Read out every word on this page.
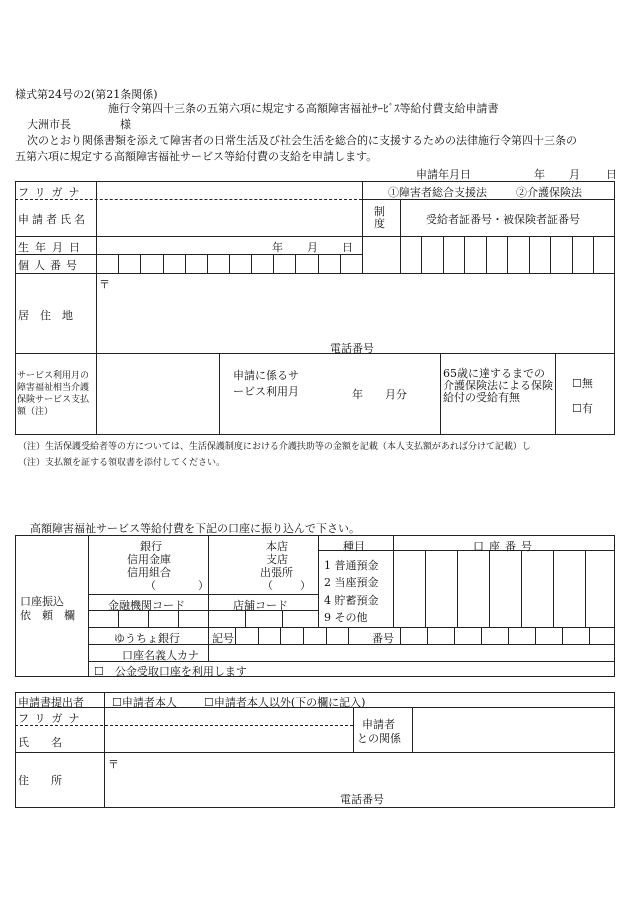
様式第24号の2(第21条関係)
施行令第四十三条の五第六項に規定する高額障害福祉ｻｰﾋﾞｽ等給付費支給申請書
大洲市長	様
次のとおり関係書類を添えて障害者の日常生活及び社会生活を総合的に支援するための法律施行令第四十三条の
五第六項に規定する高額障害福祉サービス等給付費の支給を申請します。
申請年月日	年 月 日
フリガナ	①障害者総合支援法	②介護保険法
申請者氏名
制度	受給者証番号・被保険者証番号
生年月日	年 月 日
個人番号
〒
居　住　地
電話番号
サービス利用月の障害福祉相当介護保険サービス支払額（注）
申請に係るサービス利用月	年　　月分
65歳に達するまでの介護保険法による保険給付の受給有無
☐無
☐有
（注）生活保護受給者等の方については、生活保護制度における介護扶助等の金額を記載（本人支払額があれば分けて記載）し
（注）支払額を証する領収書を添付してください。
高額障害福祉サービス等給付費を下記の口座に振り込んで下さい。
口座振込
依　頼　欄
銀行
信用金庫
信用組合
（	）
本店
支店
出張所
（ ）
種目
1 普通預金
2 当座預金
4 貯蓄預金
9 その他
口座番号
金融機関コード	店舗コード
ゆうちょ銀行	記号	番号
口座名義人カナ
☐　公金受取口座を利用します
申請書提出者	☐申請者本人 ☐申請者本人以外(下の欄に記入)
フリガナ
氏　　名
申請者
との関係
〒
住　　所
電話番号
